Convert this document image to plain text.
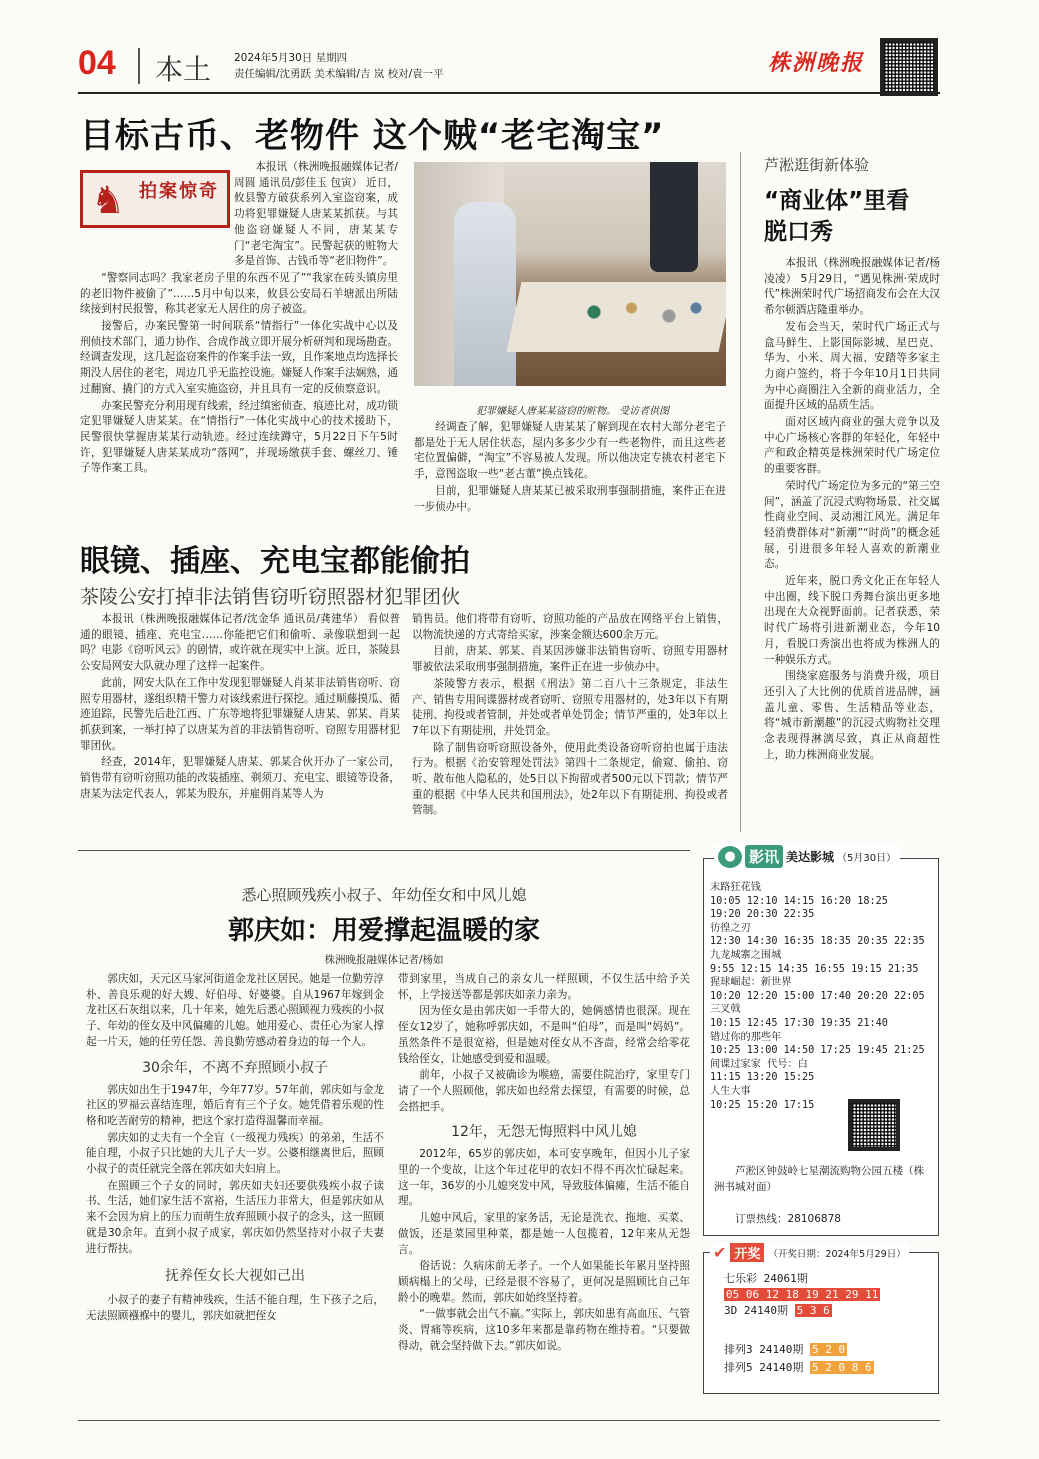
04 本土 2024年5月30日 星期四
责任编辑/沈勇跃 美术编辑/吉 岚 校对/袁一平	株洲晚报
目标古币、老物件 这个贼“老宅淘宝”
♞ 拍案惊奇

本报讯（株洲晚报融媒体记者/周圆 通讯员/彭佳玉 包寅） 近日，攸县警方破获系列入室盗窃案，成功将犯罪嫌疑人唐某某抓获。与其他盗窃嫌疑人不同，唐某某专门“老宅淘宝”。民警起获的赃物大多是首饰、古钱币等“老旧物件”。

“警察同志吗？我家老房子里的东西不见了”“我家在砖头镇房里的老旧物件被偷了”……5月中旬以来，攸县公安局石羊塘派出所陆续接到村民报警，称其老家无人居住的房子被盗。

接警后，办案民警第一时间联系“情指行”一体化实战中心以及刑侦技术部门，通力协作、合成作战立即开展分析研判和现场勘查。经调查发现，这几起盗窃案件的作案手法一致，且作案地点均选择长期没人居住的老宅，周边几乎无监控设施。嫌疑人作案手法娴熟，通过翻窗、撬门的方式入室实施盗窃，并且具有一定的反侦察意识。

办案民警充分利用现有线索，经过缜密侦查、痕迹比对，成功锁定犯罪嫌疑人唐某某。在“情指行”一体化实战中心的技术援助下，民警很快掌握唐某某行动轨迹。经过连续蹲守，5月22日下午5时许，犯罪嫌疑人唐某某成功“落网”，并现场缴获手套、螺丝刀、锤子等作案工具。

犯罪嫌疑人唐某某盗窃的赃物。 受访者供图

经调查了解，犯罪嫌疑人唐某某了解到现在农村大部分老宅子都是处于无人居住状态，屋内多多少少有一些老物件，而且这些老宅位置偏僻，“淘宝”不容易被人发现。所以他决定专挑农村老宅下手，意图盗取一些“老古董”换点钱花。

目前，犯罪嫌疑人唐某某已被采取刑事强制措施，案件正在进一步侦办中。

芦淞逛街新体验
“商业体”里看脱口秀

本报讯（株洲晚报融媒体记者/杨凌凌） 5月29日，“遇见株洲·荣成时代”株洲荣时代广场招商发布会在大汉希尔顿酒店隆重举办。

发布会当天，荣时代广场正式与盒马鲜生、上影国际影城、星巴克、华为、小米、周大福、安踏等多家主力商户签约，将于今年10月1日共同为中心商圈注入全新的商业活力，全面提升区域的品质生活。

面对区域内商业的强大竞争以及中心广场核心客群的年轻化，年轻中产和政企精英是株洲荣时代广场定位的重要客群。

荣时代广场定位为多元的“第三空间”，涵盖了沉浸式购物场景、社交属性商业空间、灵动湘江风光。满足年轻消费群体对“新潮”“时尚”的概念延展，引进很多年轻人喜欢的新潮业态。

近年来，脱口秀文化正在年轻人中出圈，线下脱口秀舞台演出更多地出现在大众视野面前。记者获悉，荣时代广场将引进新潮业态，今年10月，看脱口秀演出也将成为株洲人的一种娱乐方式。

围绕家庭服务与消费升级，项目还引入了大比例的优质首进品牌，涵盖儿童、零售、生活精品等业态，将“城市新潮趣”的沉浸式购物社交理念表现得淋漓尽致，真正从商超性上，助力株洲商业发展。

眼镜、插座、充电宝都能偷拍
茶陵公安打掉非法销售窃听窃照器材犯罪团伙

本报讯（株洲晚报融媒体记者/沈金华 通讯员/龚建华） 看似普通的眼镜、插座、充电宝……你能把它们和偷听、录像联想到一起吗？电影《窃听风云》的剧情，或许就在现实中上演。近日，茶陵县公安局网安大队就办理了这样一起案件。

此前，网安大队在工作中发现犯罪嫌疑人肖某非法销售窃听、窃照专用器材，遂组织精干警力对该线索进行探挖。通过顺藤摸瓜、循迹追踪，民警先后赴江西、广东等地将犯罪嫌疑人唐某、郭某、肖某抓获到案，一举打掉了以唐某为首的非法销售窃听、窃照专用器材犯罪团伙。

经查，2014年，犯罪嫌疑人唐某、郭某合伙开办了一家公司，销售带有窃听窃照功能的改装插座、剃须刀、充电宝、眼镜等设备，唐某为法定代表人，郭某为股东，并雇佣肖某等人为

销售员。他们将带有窃听、窃照功能的产品放在网络平台上销售，以物流快递的方式寄给买家，涉案金额达600余万元。

目前，唐某、郭某、肖某因涉嫌非法销售窃听、窃照专用器材罪被依法采取刑事强制措施，案件正在进一步侦办中。

茶陵警方表示，根据《刑法》第二百八十三条规定，非法生产、销售专用间谍器材或者窃听、窃照专用器材的，处3年以下有期徒刑、拘役或者管制，并处或者单处罚金；情节严重的，处3年以上7年以下有期徒刑，并处罚金。

除了制售窃听窃照设备外，使用此类设备窃听窃拍也属于违法行为。根据《治安管理处罚法》第四十二条规定，偷窥、偷拍、窃听、散布他人隐私的，处5日以下拘留或者500元以下罚款；情节严重的根据《中华人民共和国刑法》，处2年以下有期徒刑、拘役或者管制。

悉心照顾残疾小叔子、年幼侄女和中风儿媳
郭庆如：用爱撑起温暖的家
株洲晚报融媒体记者/杨如

郭庆如，天元区马家河街道金龙社区居民。她是一位勤劳淳朴、善良乐观的好大嫂、好伯母、好婆婆。自从1967年嫁到金龙社区石灰组以来，几十年来，她先后悉心照顾视力残疾的小叔子、年幼的侄女及中风偏瘫的儿媳。她用爱心、责任心为家人撑起一片天，她的任劳任怨、善良勤劳感动着身边的每一个人。

30余年，不离不弃照顾小叔子

郭庆如出生于1947年，今年77岁。57年前，郭庆如与金龙社区的罗福云喜结连理，婚后育有三个子女。她凭借着乐观的性格和吃苦耐劳的精神，把这个家打造得温馨而幸福。

郭庆如的丈夫有一个全盲（一级视力残疾）的弟弟，生活不能自理，小叔子只比她的大儿子大一岁。公婆相继离世后，照顾小叔子的责任就完全落在郭庆如夫妇肩上。

在照顾三个子女的同时，郭庆如夫妇还要供残疾小叔子读书、生活，她们家生活不富裕，生活压力非常大，但是郭庆如从来不会因为肩上的压力而萌生放弃照顾小叔子的念头，这一照顾就是30余年。直到小叔子成家，郭庆如仍然坚持对小叔子夫妻进行帮扶。

抚养侄女长大视如己出

小叔子的妻子有精神残疾，生活不能自理，生下孩子之后，无法照顾襁褓中的婴儿，郭庆如就把侄女

带到家里，当成自己的亲女儿一样照顾，不仅生活中给予关怀，上学接送等都是郭庆如亲力亲为。

因为侄女是由郭庆如一手带大的，她俩感情也很深。现在侄女12岁了，她称呼郭庆如，不是叫“伯母”，而是叫“妈妈”。虽然条件不是很宽裕，但是她对侄女从不吝啬，经常会给零花钱给侄女，让她感受到爱和温暖。

前年，小叔子又被确诊为喉癌，需要住院治疗，家里专门请了一个人照顾他，郭庆如也经常去探望，有需要的时候，总会搭把手。

12年，无怨无悔照料中风儿媳

2012年，65岁的郭庆如，本可安享晚年，但因小儿子家里的一个变故，让这个年过花甲的农妇不得不再次忙碌起来。这一年，36岁的小儿媳突发中风，导致肢体偏瘫，生活不能自理。

儿媳中风后，家里的家务活，无论是洗衣、拖地、买菜、做饭，还是菜园里种菜，都是她一人包揽着，12年来从无怨言。

俗话说：久病床前无孝子。一个人如果能长年累月坚持照顾病榻上的父母，已经是很不容易了，更何况是照顾比自己年龄小的晚辈。然而，郭庆如始终坚持着。

“一做事就会出气不赢。”实际上，郭庆如患有高血压、气管炎、胃痛等疾病，这10多年来都是靠药物在维持着。“只要做得动，就会坚持做下去。”郭庆如说。

● 影讯 美达影城 （5月30日）
末路狂花钱
10:05 12:10 14:15 16:20 18:25 19:20 20:30 22:35
彷徨之刃
12:30 14:30 16:35 18:35 20:35 22:35
九龙城寨之围城
9:55 12:15 14:35 16:55 19:15 21:35
猩球崛起：新世界
10:20 12:20 15:00 17:40 20:20 22:05
三叉戟
10:15 12:45 17:30 19:35 21:40
错过你的那些年
10:25 13:00 14:50 17:25 19:45 21:25
间谍过家家 代号：白
11:15 13:20 15:25
人生大事
10:25 15:20 17:15
芦淞区钟鼓岭七星潮流购物公园五楼（株洲书城对面）
订票热线：28106878
✔ 开奖 （开奖日期：2024年5月29日）
七乐彩 24061期
05 06 12 18 19 21 29 11
3D 24140期 5 3 6
排列3 24140期 5 2 0
排列5 24140期 5 2 0 8 6
